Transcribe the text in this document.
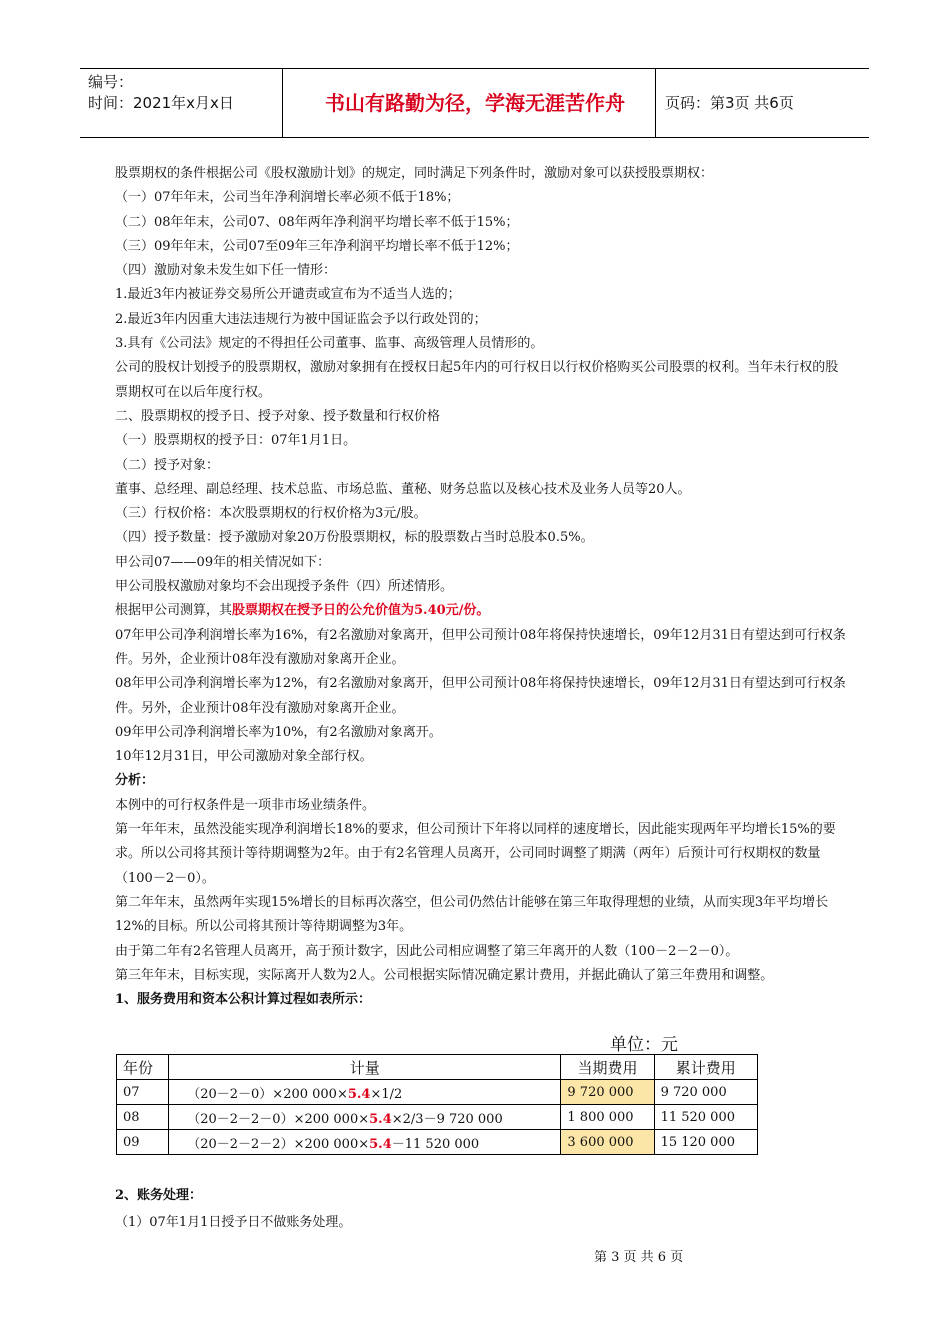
编号：
时间：2021年x月x日	书山有路勤为径，学海无涯苦作舟	页码：第3页 共6页

股票期权的条件根据公司《股权激励计划》的规定，同时满足下列条件时，激励对象可以获授股票期权：

（一）07年年末，公司当年净利润增长率必须不低于18%；

（二）08年年末，公司07、08年两年净利润平均增长率不低于15%；

（三）09年年末，公司07至09年三年净利润平均增长率不低于12%；

（四）激励对象未发生如下任一情形：

1.最近3年内被证券交易所公开谴责或宣布为不适当人选的；

2.最近3年内因重大违法违规行为被中国证监会予以行政处罚的；

3.具有《公司法》规定的不得担任公司董事、监事、高级管理人员情形的。

公司的股权计划授予的股票期权，激励对象拥有在授权日起5年内的可行权日以行权价格购买公司股票的权利。当年未行权的股票期权可在以后年度行权。

二、股票期权的授予日、授予对象、授予数量和行权价格

（一）股票期权的授予日：07年1月1日。

（二）授予对象：

董事、总经理、副总经理、技术总监、市场总监、董秘、财务总监以及核心技术及业务人员等20人。

（三）行权价格：本次股票期权的行权价格为3元/股。

（四）授予数量：授予激励对象20万份股票期权，标的股票数占当时总股本0.5%。

甲公司07——09年的相关情况如下：

甲公司股权激励对象均不会出现授予条件（四）所述情形。

根据甲公司测算，其股票期权在授予日的公允价值为5.40元/份。

07年甲公司净利润增长率为16%，有2名激励对象离开，但甲公司预计08年将保持快速增长，09年12月31日有望达到可行权条件。另外，企业预计08年没有激励对象离开企业。

08年甲公司净利润增长率为12%，有2名激励对象离开，但甲公司预计08年将保持快速增长，09年12月31日有望达到可行权条件。另外，企业预计08年没有激励对象离开企业。

09年甲公司净利润增长率为10%，有2名激励对象离开。

10年12月31日，甲公司激励对象全部行权。

分析：

本例中的可行权条件是一项非市场业绩条件。

第一年年末，虽然没能实现净利润增长18%的要求，但公司预计下年将以同样的速度增长，因此能实现两年平均增长15%的要求。所以公司将其预计等待期调整为2年。由于有2名管理人员离开，公司同时调整了期满（两年）后预计可行权期权的数量（100－2－0）。

第二年年末，虽然两年实现15%增长的目标再次落空，但公司仍然估计能够在第三年取得理想的业绩，从而实现3年平均增长12%的目标。所以公司将其预计等待期调整为3年。

由于第二年有2名管理人员离开，高于预计数字，因此公司相应调整了第三年离开的人数（100－2－2－0）。

第三年年末，目标实现，实际离开人数为2人。公司根据实际情况确定累计费用，并据此确认了第三年费用和调整。

1、服务费用和资本公积计算过程如表所示：

单位：元
年份	计量	当期费用	累计费用
07	（20－2－0）×200 000×5.4×1/2	9 720 000	9 720 000
08	（20－2－2－0）×200 000×5.4×2/3－9 720 000	1 800 000	11 520 000
09	（20－2－2－2）×200 000×5.4－11 520 000	3 600 000	15 120 000

2、账务处理：

（1）07年1月1日授予日不做账务处理。

第 3 页 共 6 页
